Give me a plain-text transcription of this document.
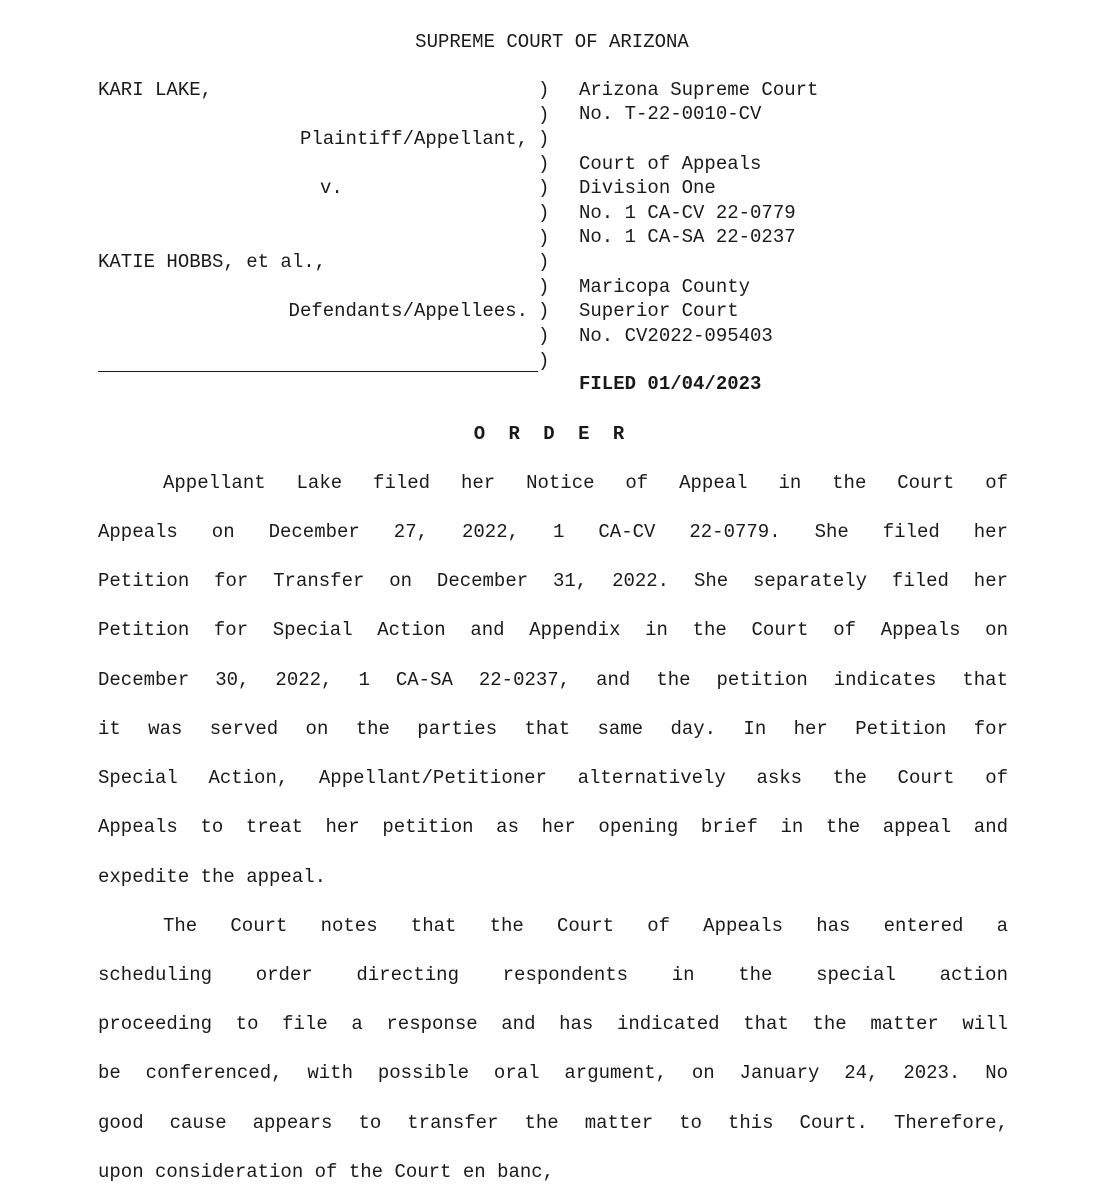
SUPREME COURT OF ARIZONA
KARI LAKE,
Plaintiff/Appellant,
v.
KATIE HOBBS, et al.,
Defendants/Appellees.
)
)
)
)
)
)
)
)
)
)
)
)
Arizona Supreme Court
No. T-22-0010-CV
Court of Appeals
Division One
No. 1 CA-CV 22-0779
No. 1 CA-SA 22-0237
Maricopa County
Superior Court
No. CV2022-095403
FILED 01/04/2023
O R D E R
Appellant Lake filed her Notice of Appeal in the Court of
Appeals on December 27, 2022, 1 CA-CV 22-0779. She filed her
Petition for Transfer on December 31, 2022. She separately filed her
Petition for Special Action and Appendix in the Court of Appeals on
December 30, 2022, 1 CA-SA 22-0237, and the petition indicates that
it was served on the parties that same day. In her Petition for
Special Action, Appellant/Petitioner alternatively asks the Court of
Appeals to treat her petition as her opening brief in the appeal and
expedite the appeal.
The Court notes that the Court of Appeals has entered a
scheduling order directing respondents in the special action
proceeding to file a response and has indicated that the matter will
be conferenced, with possible oral argument, on January 24, 2023. No
good cause appears to transfer the matter to this Court. Therefore,
upon consideration of the Court en banc,
